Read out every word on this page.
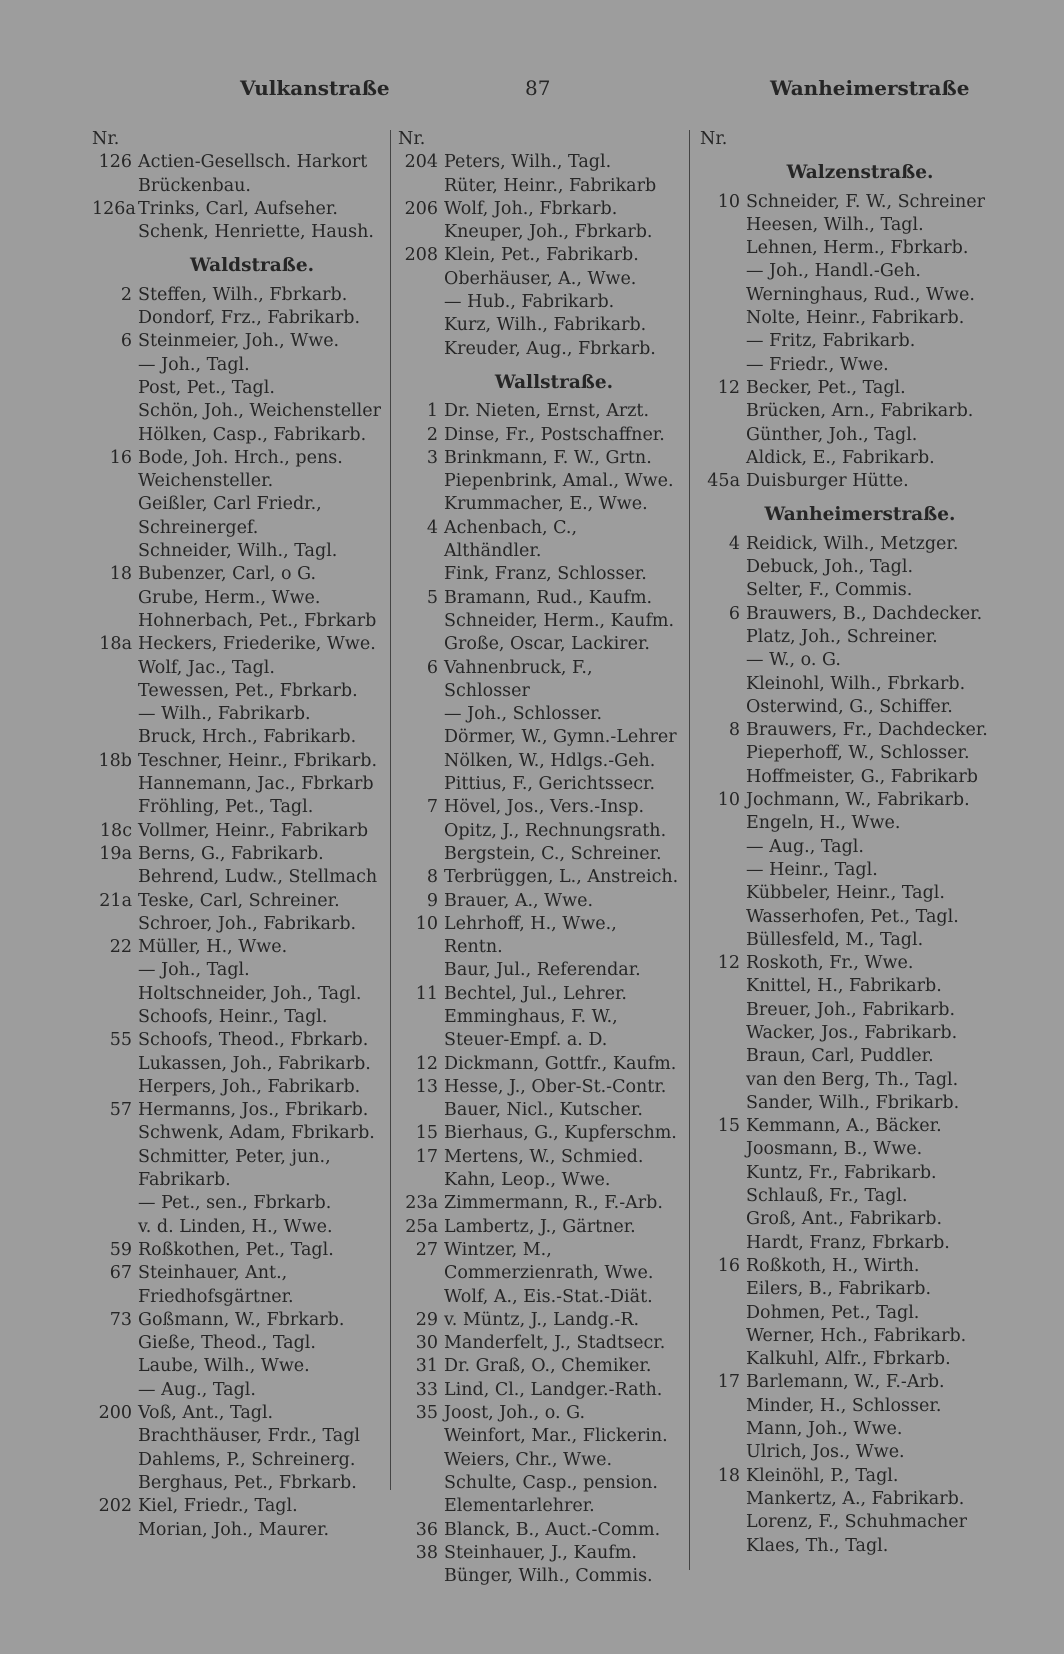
Vulkanstraße	87	Wanheimerstraße
Nr.
126 Actien-Gesellsch. Harkort Brückenbau.
126a Trinks, Carl, Aufseher.
Schenk, Henriette, Haush.
Waldstraße.
2 Steffen, Wilh., Fbrkarb.
Dondorf, Frz., Fabrikarb.
6 Steinmeier, Joh., Wwe.
— Joh., Tagl.
Post, Pet., Tagl.
Schön, Joh., Weichensteller
Hölken, Casp., Fabrikarb.
16 Bode, Joh. Hrch., pens. Weichensteller.
Geißler, Carl Friedr., Schreinergef.
Schneider, Wilh., Tagl.
18 Bubenzer, Carl, o G.
Grube, Herm., Wwe.
Hohnerbach, Pet., Fbrkarb
18a Heckers, Friederike, Wwe.
Wolf, Jac., Tagl.
Tewessen, Pet., Fbrkarb.
— Wilh., Fabrikarb.
Bruck, Hrch., Fabrikarb.
18b Teschner, Heinr., Fbrikarb.
Hannemann, Jac., Fbrkarb
Fröhling, Pet., Tagl.
18c Vollmer, Heinr., Fabrikarb
19a Berns, G., Fabrikarb.
Behrend, Ludw., Stellmach
21a Teske, Carl, Schreiner.
Schroer, Joh., Fabrikarb.
22 Müller, H., Wwe.
— Joh., Tagl.
Holtschneider, Joh., Tagl.
Schoofs, Heinr., Tagl.
55 Schoofs, Theod., Fbrkarb.
Lukassen, Joh., Fabrikarb.
Herpers, Joh., Fabrikarb.
57 Hermanns, Jos., Fbrikarb.
Schwenk, Adam, Fbrikarb.
Schmitter, Peter, jun., Fabrikarb.
— Pet., sen., Fbrkarb.
v. d. Linden, H., Wwe.
59 Roßkothen, Pet., Tagl.
67 Steinhauer, Ant., Friedhofsgärtner.
73 Goßmann, W., Fbrkarb.
Gieße, Theod., Tagl.
Laube, Wilh., Wwe.
— Aug., Tagl.
200 Voß, Ant., Tagl.
Brachthäuser, Frdr., Tagl
Dahlems, P., Schreinerg.
Berghaus, Pet., Fbrkarb.
202 Kiel, Friedr., Tagl.
Morian, Joh., Maurer.
Nr.
204 Peters, Wilh., Tagl.
Rüter, Heinr., Fabrikarb
206 Wolf, Joh., Fbrkarb.
Kneuper, Joh., Fbrkarb.
208 Klein, Pet., Fabrikarb.
Oberhäuser, A., Wwe.
— Hub., Fabrikarb.
Kurz, Wilh., Fabrikarb.
Kreuder, Aug., Fbrkarb.
Wallstraße.
1 Dr. Nieten, Ernst, Arzt.
2 Dinse, Fr., Postschaffner.
3 Brinkmann, F. W., Grtn.
Piepenbrink, Amal., Wwe.
Krummacher, E., Wwe.
4 Achenbach, C., Althändler.
Fink, Franz, Schlosser.
5 Bramann, Rud., Kaufm.
Schneider, Herm., Kaufm.
Große, Oscar, Lackirer.
6 Vahnenbruck, F., Schlosser
— Joh., Schlosser.
Dörmer, W., Gymn.-Lehrer
Nölken, W., Hdlgs.-Geh.
Pittius, F., Gerichtssecr.
7 Hövel, Jos., Vers.-Insp.
Opitz, J., Rechnungsrath.
Bergstein, C., Schreiner.
8 Terbrüggen, L., Anstreich.
9 Brauer, A., Wwe.
10 Lehrhoff, H., Wwe., Rentn.
Baur, Jul., Referendar.
11 Bechtel, Jul., Lehrer.
Emminghaus, F. W., Steuer-Empf. a. D.
12 Dickmann, Gottfr., Kaufm.
13 Hesse, J., Ober-St.-Contr.
Bauer, Nicl., Kutscher.
15 Bierhaus, G., Kupferschm.
17 Mertens, W., Schmied.
Kahn, Leop., Wwe.
23a Zimmermann, R., F.-Arb.
25a Lambertz, J., Gärtner.
27 Wintzer, M., Commerzienrath, Wwe.
Wolf, A., Eis.-Stat.-Diät.
29 v. Müntz, J., Landg.-R.
30 Manderfelt, J., Stadtsecr.
31 Dr. Graß, O., Chemiker.
33 Lind, Cl., Landger.-Rath.
35 Joost, Joh., o. G.
Weinfort, Mar., Flickerin.
Weiers, Chr., Wwe.
Schulte, Casp., pension. Elementarlehrer.
36 Blanck, B., Auct.-Comm.
38 Steinhauer, J., Kaufm.
Bünger, Wilh., Commis.
Nr.
Walzenstraße.
10 Schneider, F. W., Schreiner
Heesen, Wilh., Tagl.
Lehnen, Herm., Fbrkarb.
— Joh., Handl.-Geh.
Werninghaus, Rud., Wwe.
Nolte, Heinr., Fabrikarb.
— Fritz, Fabrikarb.
— Friedr., Wwe.
12 Becker, Pet., Tagl.
Brücken, Arn., Fabrikarb.
Günther, Joh., Tagl.
Aldick, E., Fabrikarb.
45a Duisburger Hütte.
Wanheimerstraße.
4 Reidick, Wilh., Metzger.
Debuck, Joh., Tagl.
Selter, F., Commis.
6 Brauwers, B., Dachdecker.
Platz, Joh., Schreiner.
— W., o. G.
Kleinohl, Wilh., Fbrkarb.
Osterwind, G., Schiffer.
8 Brauwers, Fr., Dachdecker.
Pieperhoff, W., Schlosser.
Hoffmeister, G., Fabrikarb
10 Jochmann, W., Fabrikarb.
Engeln, H., Wwe.
— Aug., Tagl.
— Heinr., Tagl.
Kübbeler, Heinr., Tagl.
Wasserhofen, Pet., Tagl.
Büllesfeld, M., Tagl.
12 Roskoth, Fr., Wwe.
Knittel, H., Fabrikarb.
Breuer, Joh., Fabrikarb.
Wacker, Jos., Fabrikarb.
Braun, Carl, Puddler.
van den Berg, Th., Tagl.
Sander, Wilh., Fbrikarb.
15 Kemmann, A., Bäcker.
Joosmann, B., Wwe.
Kuntz, Fr., Fabrikarb.
Schlauß, Fr., Tagl.
Groß, Ant., Fabrikarb.
Hardt, Franz, Fbrkarb.
16 Roßkoth, H., Wirth.
Eilers, B., Fabrikarb.
Dohmen, Pet., Tagl.
Werner, Hch., Fabrikarb.
Kalkuhl, Alfr., Fbrkarb.
17 Barlemann, W., F.-Arb.
Minder, H., Schlosser.
Mann, Joh., Wwe.
Ulrich, Jos., Wwe.
18 Kleinöhl, P., Tagl.
Mankertz, A., Fabrikarb.
Lorenz, F., Schuhmacher
Klaes, Th., Tagl.
